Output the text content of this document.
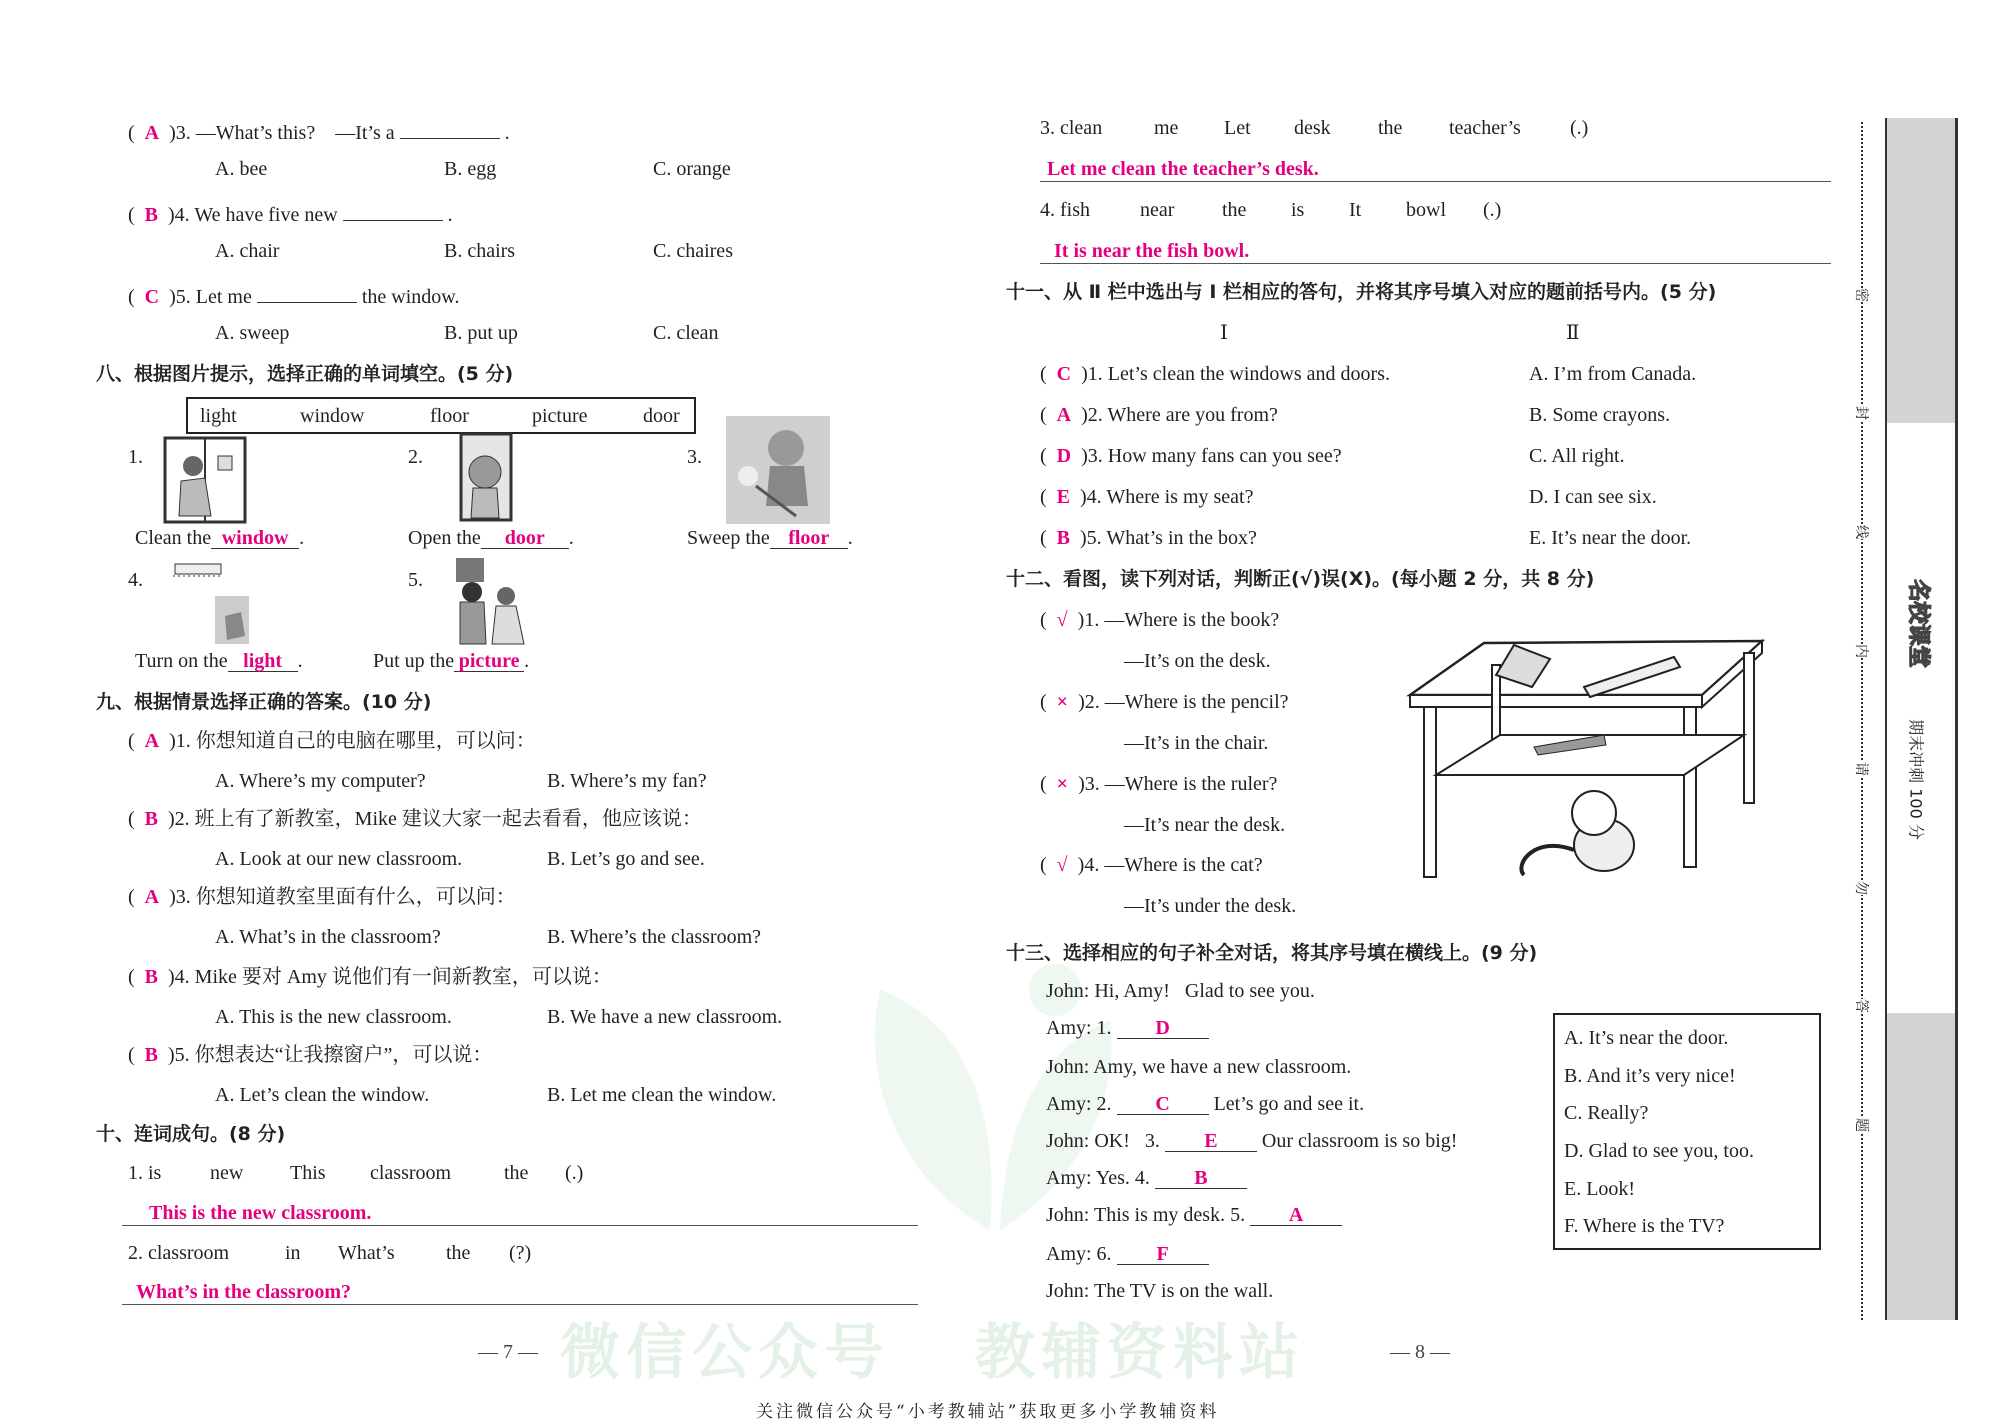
微信公众号 教辅资料站
(  A )3. —What’s this?    —It’s a	.
A. bee	B. egg	C. orange
(  B )4. We have five new	.
A. chair	B. chairs	C. chaires
(  C )5. Let me	the window.
A. sweep	B. put up	C. clean
八、根据图片提示，选择正确的单词填空。(5 分)
light	window	floor	picture	door
1.	2.	3.
Clean the window .	Open the door .	Sweep the floor .
4.	5.
Turn on the light .	Put up the picture .
九、根据情景选择正确的答案。(10 分)
(  A )1. 你想知道自己的电脑在哪里，可以问：
A. Where’s my computer?	B. Where’s my fan?
(  B )2. 班上有了新教室，Mike 建议大家一起去看看，他应该说：
A. Look at our new classroom.	B. Let’s go and see.
(  A )3. 你想知道教室里面有什么，可以问：
A. What’s in the classroom?	B. Where’s the classroom?
(  B )4. Mike 要对 Amy 说他们有一间新教室，可以说：
A. This is the new classroom.	B. We have a new classroom.
(  B )5. 你想表达“让我擦窗户”，可以说：
A. Let’s clean the window.	B. Let me clean the window.
十、连词成句。(8 分)
1. is new This classroom	the (.)
This is the new classroom.
2. classroom	in What’s	the (?)
What’s in the classroom?
— 7 —
3. clean	me Let desk the teacher’s (.)
Let me clean the teacher’s desk.
4. fish	near the is It bowl (.)
It is near the fish bowl.
十一、从 Ⅱ 栏中选出与 Ⅰ 栏相应的答句，并将其序号填入对应的题前括号内。(5 分)
Ⅰ	Ⅱ
(  C )1. Let’s clean the windows and doors.	A. I’m from Canada.
(  A )2. Where are you from?	B. Some crayons.
(  D )3. How many fans can you see?	C. All right.
(  E )4. Where is my seat?	D. I can see six.
(  B )5. What’s in the box?	E. It’s near the door.
十二、看图，读下列对话，判断正(√)误(X)。(每小题 2 分，共 8 分)
(  √ )1. —Where is the book?
—It’s on the desk.
(  × )2. —Where is the pencil?
—It’s in the chair.
(  × )3. —Where is the ruler?
—It’s near the desk.
(  √ )4. —Where is the cat?
—It’s under the desk.
十三、选择相应的句子补全对话，将其序号填在横线上。(9 分)
John: Hi, Amy!   Glad to see you.
Amy: 1. D
John: Amy, we have a new classroom.
Amy: 2. C Let’s go and see it.
John: OK!   3. E Our classroom is so big!
Amy: Yes. 4. B
John: This is my desk. 5. A
Amy: 6. F
John: The TV is on the wall.
A. It’s near the door.
B. And it’s very nice!
C. Really?
D. Glad to see you, too.
E. Look!
F. Where is the TV?
— 8 —
密
封
线
内
请
勿
答
题
名校课堂
期末冲刺 100 分
关注微信公众号“小考教辅站”获取更多小学教辅资料
